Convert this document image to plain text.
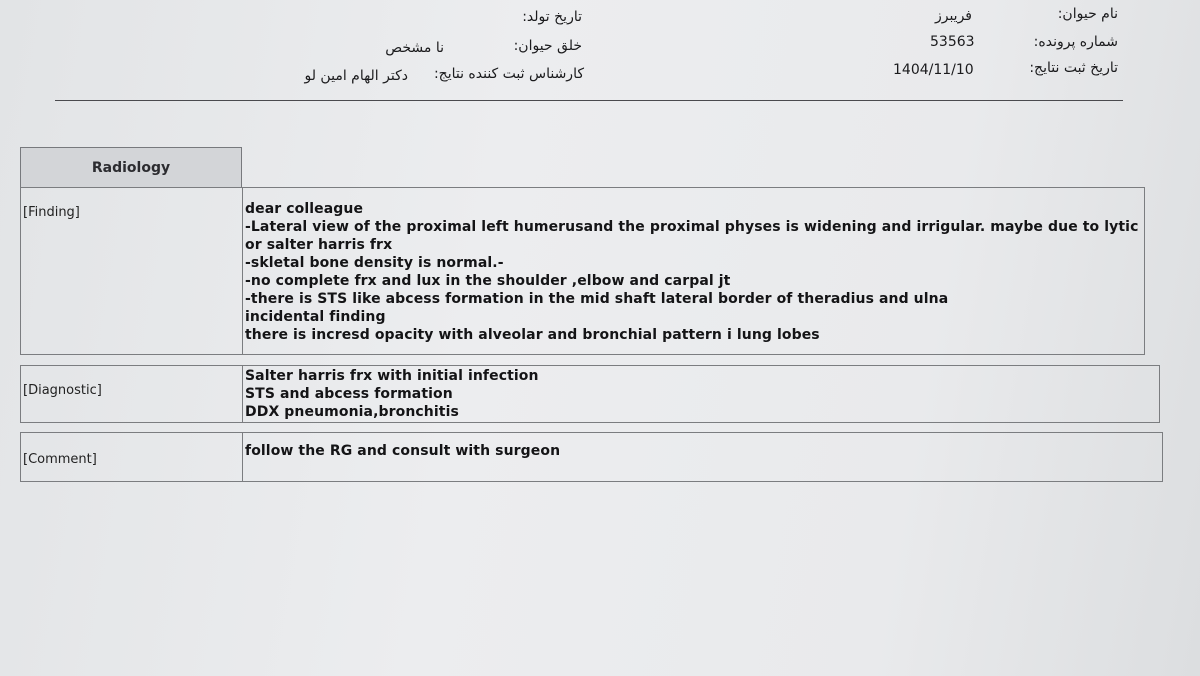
نام حیوان:
فریبرز
تاریخ تولد:
شماره پرونده:
53563
خلق حیوان:
نا مشخص
تاریخ ثبت نتایج:
1404/11/10
کارشناس ثبت کننده نتایج:
دکتر الهام امین لو
Radiology
[Finding]	dear colleague
-Lateral view of the proximal left humerusand the proximal physes is widening and irrigular. maybe due to lytic
or salter harris frx
-skletal bone density is normal.-
-no complete frx and lux in the shoulder ,elbow and carpal jt
-there is STS like abcess formation in the mid shaft lateral border of theradius and ulna
incidental finding
there is incresd opacity with alveolar and bronchial pattern i lung lobes
[Diagnostic]
Salter harris frx with initial infection
STS and abcess formation
DDX pneumonia,bronchitis
[Comment]
follow the RG and consult with surgeon
